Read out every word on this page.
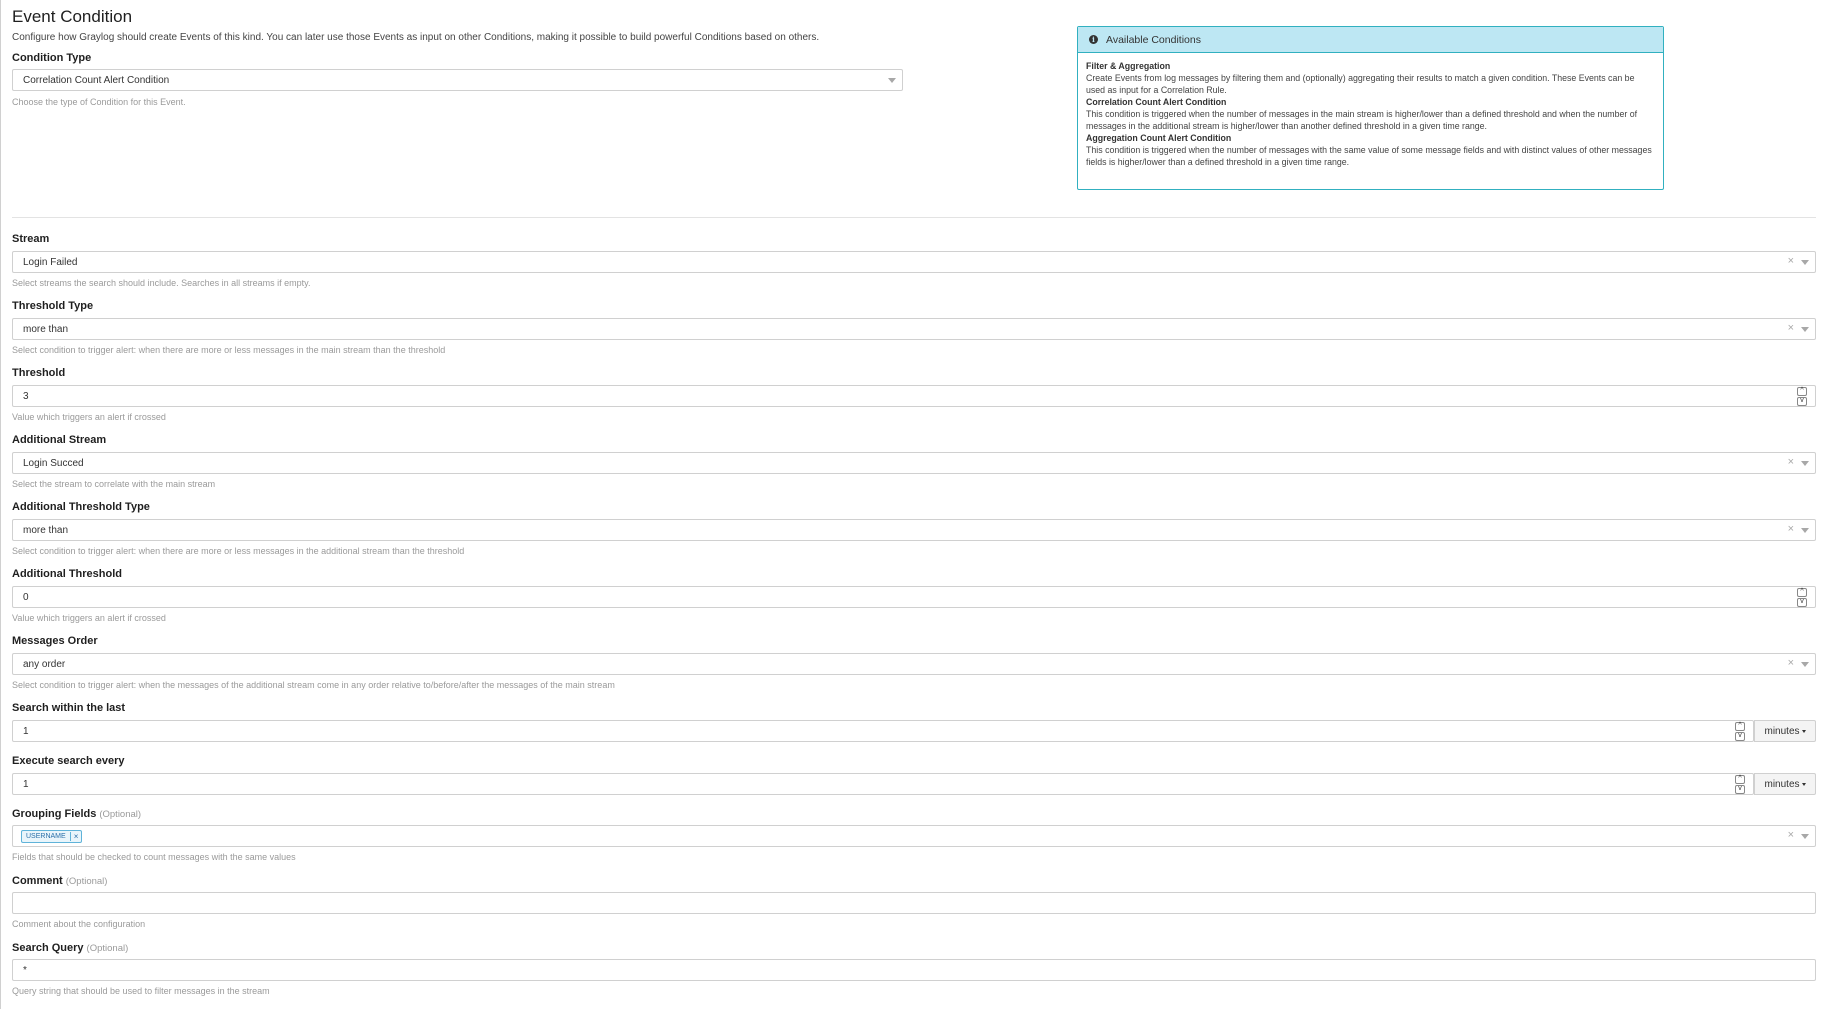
Event Condition
Configure how Graylog should create Events of this kind. You can later use those Events as input on other Conditions, making it possible to build powerful Conditions based on others.
Condition Type
Correlation Count Alert Condition
Choose the type of Condition for this Event.
i	Available Conditions
Filter & Aggregation
Create Events from log messages by filtering them and (optionally) aggregating their results to match a given condition. These Events can be used as input for a Correlation Rule.
Correlation Count Alert Condition
This condition is triggered when the number of messages in the main stream is higher/lower than a defined threshold and when the number of messages in the additional stream is higher/lower than another defined threshold in a given time range.
Aggregation Count Alert Condition
This condition is triggered when the number of messages with the same value of some message fields and with distinct values of other messages fields is higher/lower than a defined threshold in a given time range.
Stream
Login Failed	×
Select streams the search should include. Searches in all streams if empty.
Threshold Type
more than	×
Select condition to trigger alert: when there are more or less messages in the main stream than the threshold
Threshold
3
^
v
Value which triggers an alert if crossed
Additional Stream
Login Succed	×
Select the stream to correlate with the main stream
Additional Threshold Type
more than	×
Select condition to trigger alert: when there are more or less messages in the additional stream than the threshold
Additional Threshold
0
^
v
Value which triggers an alert if crossed
Messages Order
any order	×
Select condition to trigger alert: when the messages of the additional stream come in any order relative to/before/after the messages of the main stream
Search within the last
1
^
v	minutes
Execute search every
1
^
v	minutes
Grouping Fields (Optional)
USERNAME	×	×
Fields that should be checked to count messages with the same values
Comment (Optional)
Comment about the configuration
Search Query (Optional)
*
Query string that should be used to filter messages in the stream
